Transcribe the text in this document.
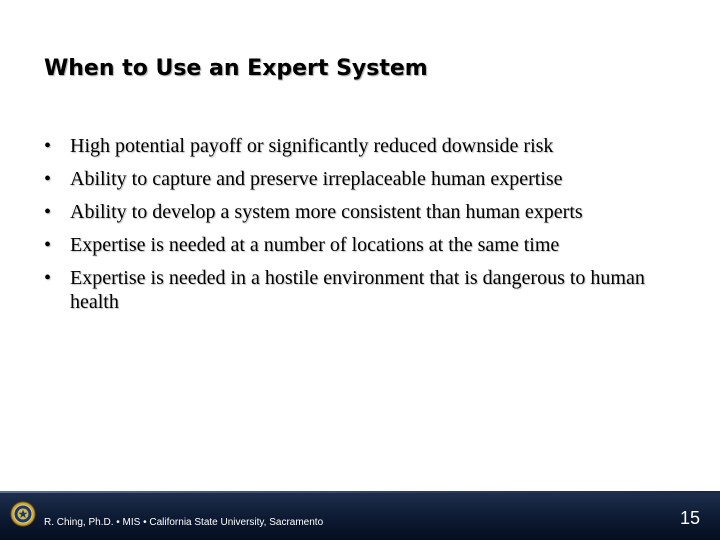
When to Use an Expert System
• High potential payoff or significantly reduced downside risk
• Ability to capture and preserve irreplaceable human expertise
• Ability to develop a system more consistent than human experts
• Expertise is needed at a number of locations at the same time
• Expertise is needed in a hostile environment that is dangerous to human health
R. Ching, Ph.D. • MIS • California State University, Sacramento	15
